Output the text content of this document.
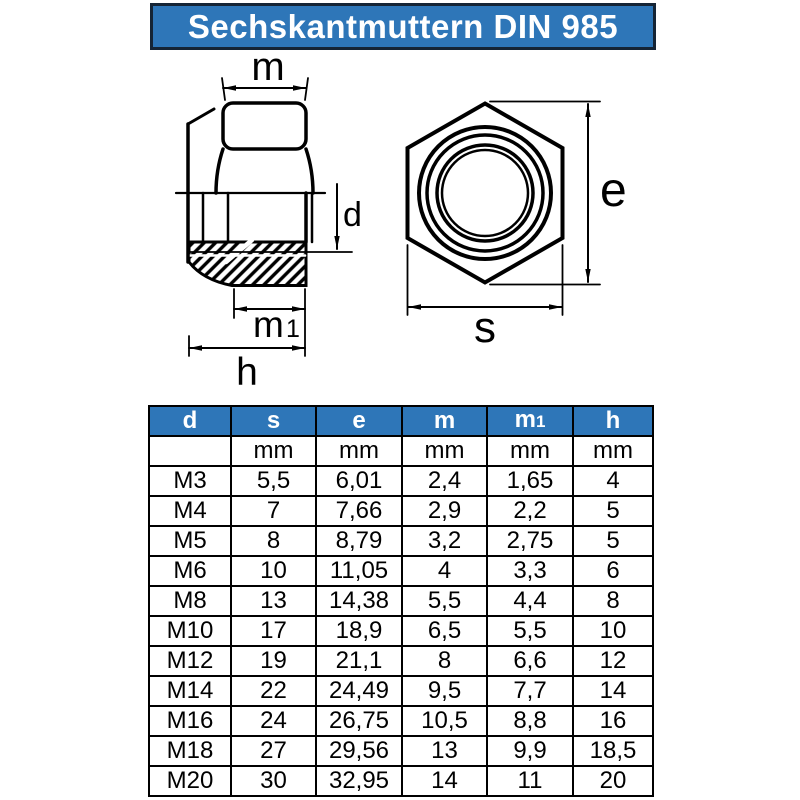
Sechskantmuttern DIN 985
m
d
m 1
h
e
s
d	s	e	m	m1	h
	mm	mm	mm	mm	mm
M3	5,5	6,01	2,4	1,65	4
M4	7	7,66	2,9	2,2	5
M5	8	8,79	3,2	2,75	5
M6	10	11,05	4	3,3	6
M8	13	14,38	5,5	4,4	8
M10	17	18,9	6,5	5,5	10
M12	19	21,1	8	6,6	12
M14	22	24,49	9,5	7,7	14
M16	24	26,75	10,5	8,8	16
M18	27	29,56	13	9,9	18,5
M20	30	32,95	14	11	20
